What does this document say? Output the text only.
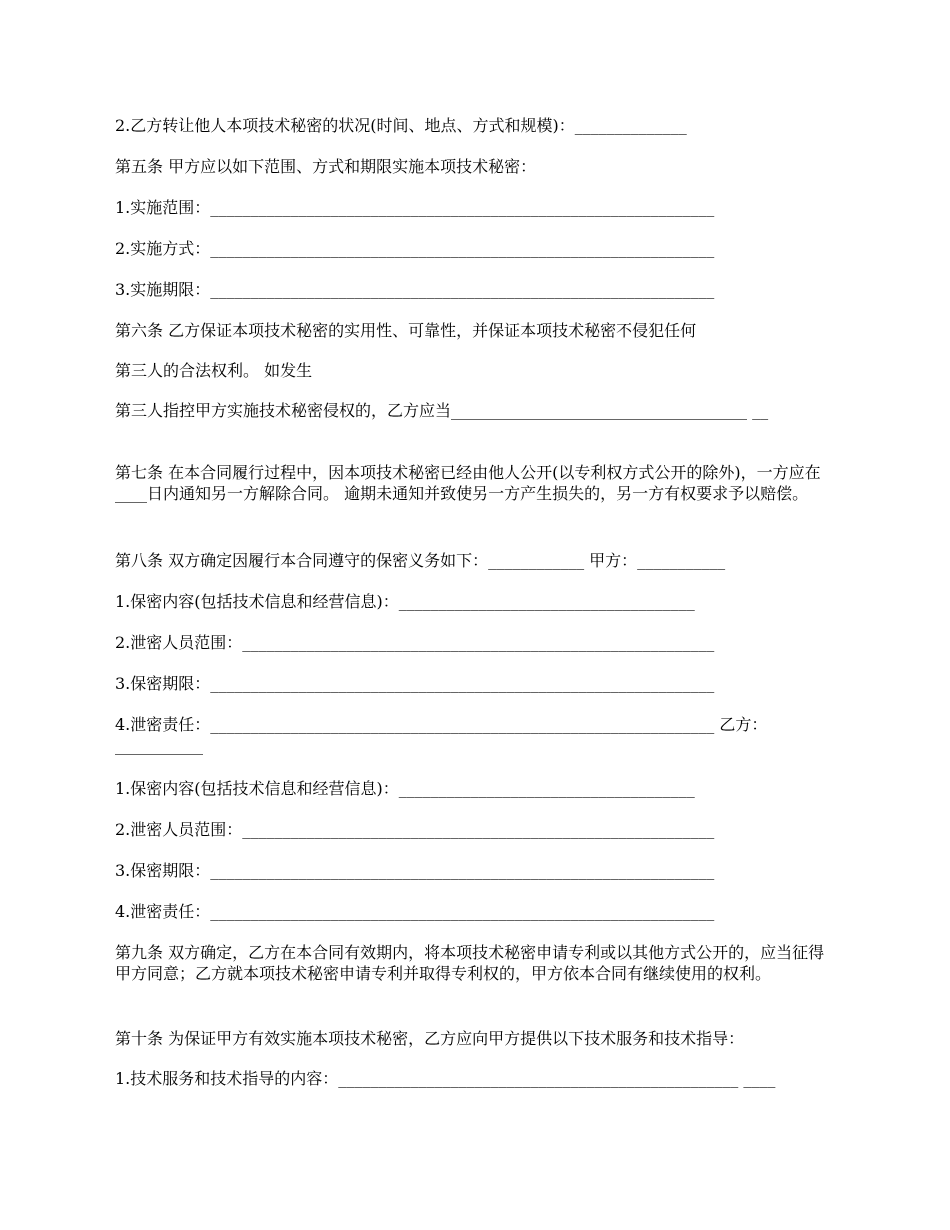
2.乙方转让他人本项技术秘密的状况(时间、地点、方式和规模)：______________

第五条 甲方应以如下范围、方式和期限实施本项技术秘密：

1.实施范围：_______________________________________________________________

2.实施方式：_______________________________________________________________

3.实施期限：_______________________________________________________________

第六条 乙方保证本项技术秘密的实用性、可靠性，并保证本项技术秘密不侵犯任何

第三人的合法权利。 如发生

第三人指控甲方实施技术秘密侵权的，乙方应当_____________________________________ __

第七条 在本合同履行过程中，因本项技术秘密已经由他人公开(以专利权方式公开的除外)，一方应在____日内通知另一方解除合同。 逾期未通知并致使另一方产生损失的，另一方有权要求予以赔偿。

第八条 双方确定因履行本合同遵守的保密义务如下：____________ 甲方：___________

1.保密内容(包括技术信息和经营信息)：_____________________________________

2.泄密人员范围：___________________________________________________________

3.保密期限：_______________________________________________________________

4.泄密责任：_______________________________________________________________ 乙方：___________

1.保密内容(包括技术信息和经营信息)：_____________________________________

2.泄密人员范围：___________________________________________________________

3.保密期限：_______________________________________________________________

4.泄密责任：_______________________________________________________________

第九条 双方确定，乙方在本合同有效期内，将本项技术秘密申请专利或以其他方式公开的，应当征得甲方同意；乙方就本项技术秘密申请专利并取得专利权的，甲方依本合同有继续使用的权利。

第十条 为保证甲方有效实施本项技术秘密，乙方应向甲方提供以下技术服务和技术指导：

1.技术服务和技术指导的内容：__________________________________________________ ____
